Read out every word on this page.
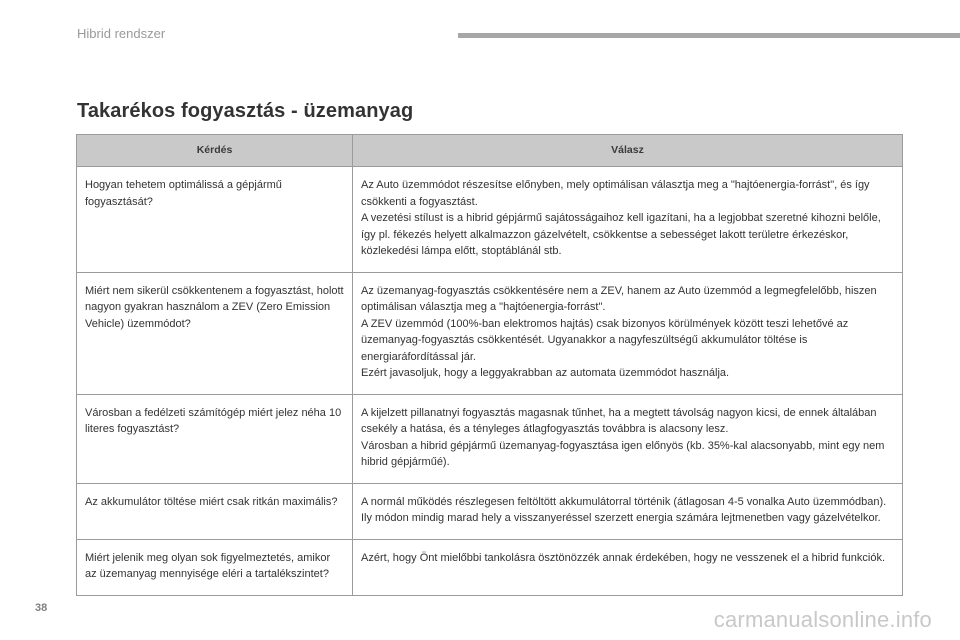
Hibrid rendszer
Takarékos fogyasztás - üzemanyag
Kérdés	Válasz

Hogyan tehetem optimálissá a gépjármű fogyasztását?	Az Auto üzemmódot részesítse előnyben, mely optimálisan választja meg a "hajtóenergia-forrást", és így csökkenti a fogyasztást.

A vezetési stílust is a hibrid gépjármű sajátosságaihoz kell igazítani, ha a legjobbat szeretné kihozni belőle, így pl. fékezés helyett alkalmazzon gázelvételt, csökkentse a sebességet lakott területre érkezéskor, közlekedési lámpa előtt, stoptáblánál stb.

Miért nem sikerül csökkentenem a fogyasztást, holott nagyon gyakran használom a ZEV (Zero Emission Vehicle) üzemmódot?	Az üzemanyag-fogyasztás csökkentésére nem a ZEV, hanem az Auto üzemmód a legmegfelelőbb, hiszen optimálisan választja meg a "hajtóenergia-forrást".

A ZEV üzemmód (100%-ban elektromos hajtás) csak bizonyos körülmények között teszi lehetővé az üzemanyag-fogyasztás csökkentését. Ugyanakkor a nagyfeszültségű akkumulátor töltése is energiaráfordítással jár.

Ezért javasoljuk, hogy a leggyakrabban az automata üzemmódot használja.

Városban a fedélzeti számítógép miért jelez néha 10 literes fogyasztást?	A kijelzett pillanatnyi fogyasztás magasnak tűnhet, ha a megtett távolság nagyon kicsi, de ennek általában csekély a hatása, és a tényleges átlagfogyasztás továbbra is alacsony lesz.

Városban a hibrid gépjármű üzemanyag-fogyasztása igen előnyös (kb. 35%-kal alacsonyabb, mint egy nem hibrid gépjárműé).

Az akkumulátor töltése miért csak ritkán maximális?	A normál működés részlegesen feltöltött akkumulátorral történik (átlagosan 4-5 vonalka Auto üzemmódban).

Ily módon mindig marad hely a visszanyeréssel szerzett energia számára lejtmenetben vagy gázelvételkor.

Miért jelenik meg olyan sok figyelmeztetés, amikor az üzemanyag mennyisége eléri a tartalékszintet?	Azért, hogy Önt mielőbbi tankolásra ösztönözzék annak érdekében, hogy ne vesszenek el a hibrid funkciók.

38	carmanualsonline.info
